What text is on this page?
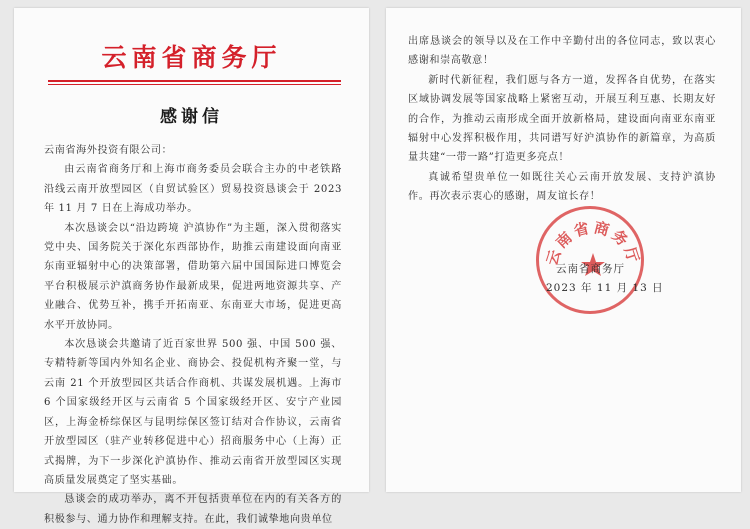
云南省商务厅
感谢信

云南省海外投资有限公司：

由云南省商务厅和上海市商务委员会联合主办的中老铁路沿线云南开放型园区（自贸试验区）贸易投资恳谈会于 2023 年 11 月 7 日在上海成功举办。

本次恳谈会以“沿边跨境 沪滇协作”为主题，深入贯彻落实党中央、国务院关于深化东西部协作，助推云南建设面向南亚东南亚辐射中心的决策部署，借助第六届中国国际进口博览会平台积极展示沪滇商务协作最新成果，促进两地资源共享、产业融合、优势互补，携手开拓南亚、东南亚大市场，促进更高水平开放协同。

本次恳谈会共邀请了近百家世界 500 强、中国 500 强、专精特新等国内外知名企业、商协会、投促机构齐聚一堂，与云南 21 个开放型园区共话合作商机、共谋发展机遇。上海市 6 个国家级经开区与云南省 5 个国家级经开区、安宁产业园区，上海金桥综保区与昆明综保区签订结对合作协议，云南省开放型园区（驻产业转移促进中心）招商服务中心（上海）正式揭牌，为下一步深化沪滇协作、推动云南省开放型园区实现高质量发展奠定了坚实基础。

恳谈会的成功举办，离不开包括贵单位在内的有关各方的积极参与、通力协作和理解支持。在此，我们诚挚地向贵单位

出席恳谈会的领导以及在工作中辛勤付出的各位同志，致以衷心感谢和崇高敬意！

新时代新征程，我们愿与各方一道，发挥各自优势，在落实区域协调发展等国家战略上紧密互动，开展互利互惠、长期友好的合作，为推动云南形成全面开放新格局，建设面向南亚东南亚辐射中心发挥积极作用，共同谱写好沪滇协作的新篇章，为高质量共建“一带一路”打造更多亮点！

真诚希望贵单位一如既往关心云南开放发展、支持沪滇协作。再次表示衷心的感谢，周友谊长存！

云南省商务厅
云南省商务厅
2023 年 11 月 13 日
